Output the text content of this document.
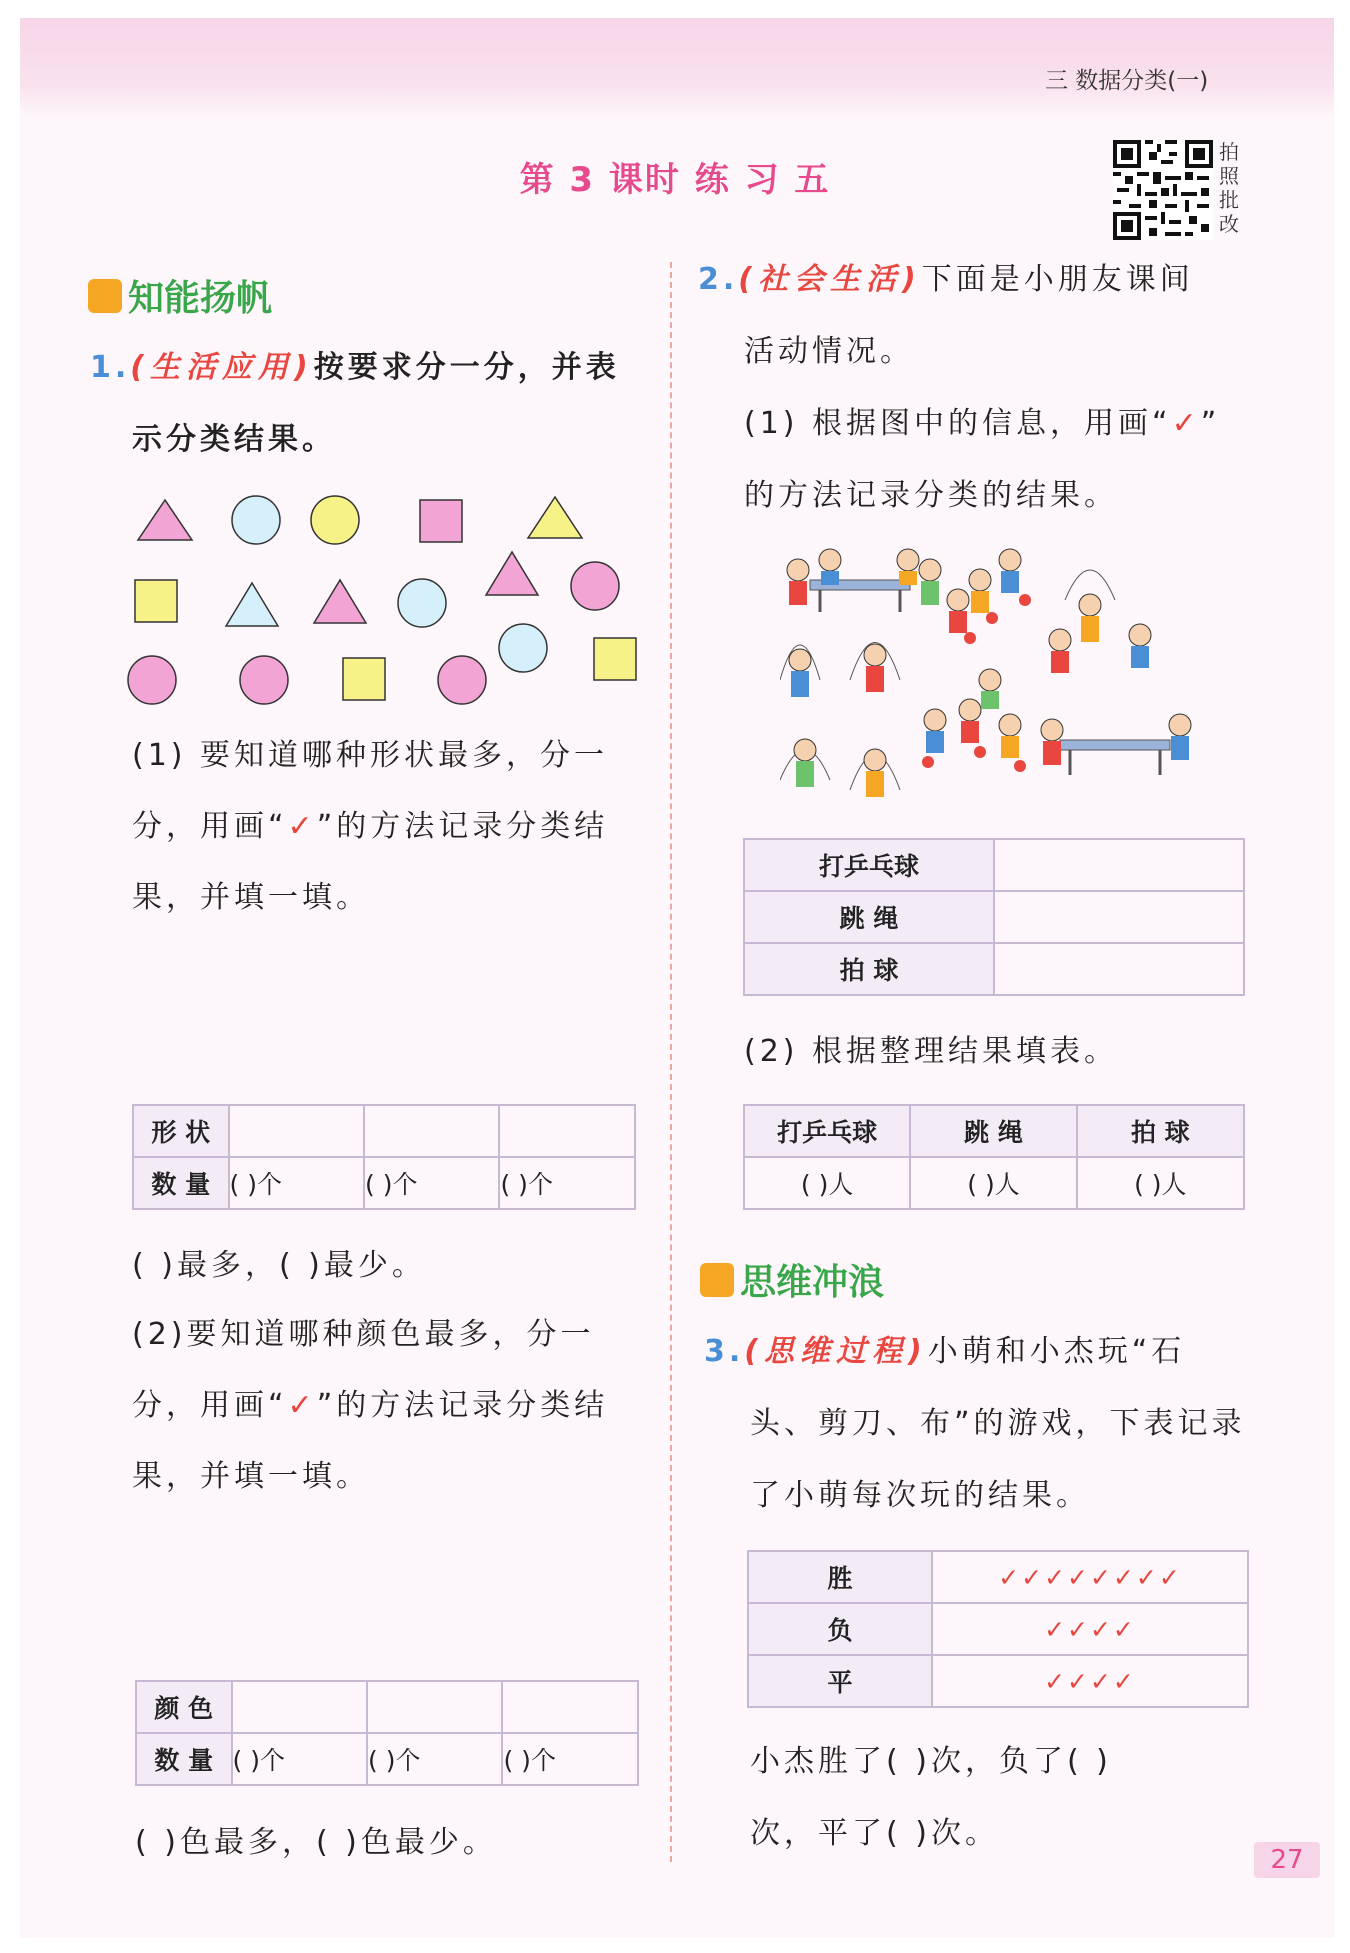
三 数据分类(一)
第 3 课时 练 习 五
拍照批改
知能扬帆
1.(生活应用)按要求分一分，并表
示分类结果。
(1) 要知道哪种形状最多，分一
分，用画“✓”的方法记录分类结
果，并填一填。
形 状			
数 量	( )个	( )个	( )个
( )最多，( )最少。
(2)要知道哪种颜色最多，分一
分，用画“✓”的方法记录分类结
果，并填一填。
颜 色			
数 量	( )个	( )个	( )个
( )色最多，( )色最少。
2.(社会生活)下面是小朋友课间
活动情况。
(1) 根据图中的信息，用画“✓”
的方法记录分类的结果。
打乒乓球	
跳 绳	
拍 球	
(2) 根据整理结果填表。
打乒乓球	跳 绳	拍 球
( )人	( )人	( )人
思维冲浪
3.(思维过程)小萌和小杰玩“石
头、剪刀、布”的游戏，下表记录
了小萌每次玩的结果。
胜	✓✓✓✓✓✓✓✓
负	✓✓✓✓
平	✓✓✓✓
小杰胜了( )次，负了( )
次，平了( )次。
27
